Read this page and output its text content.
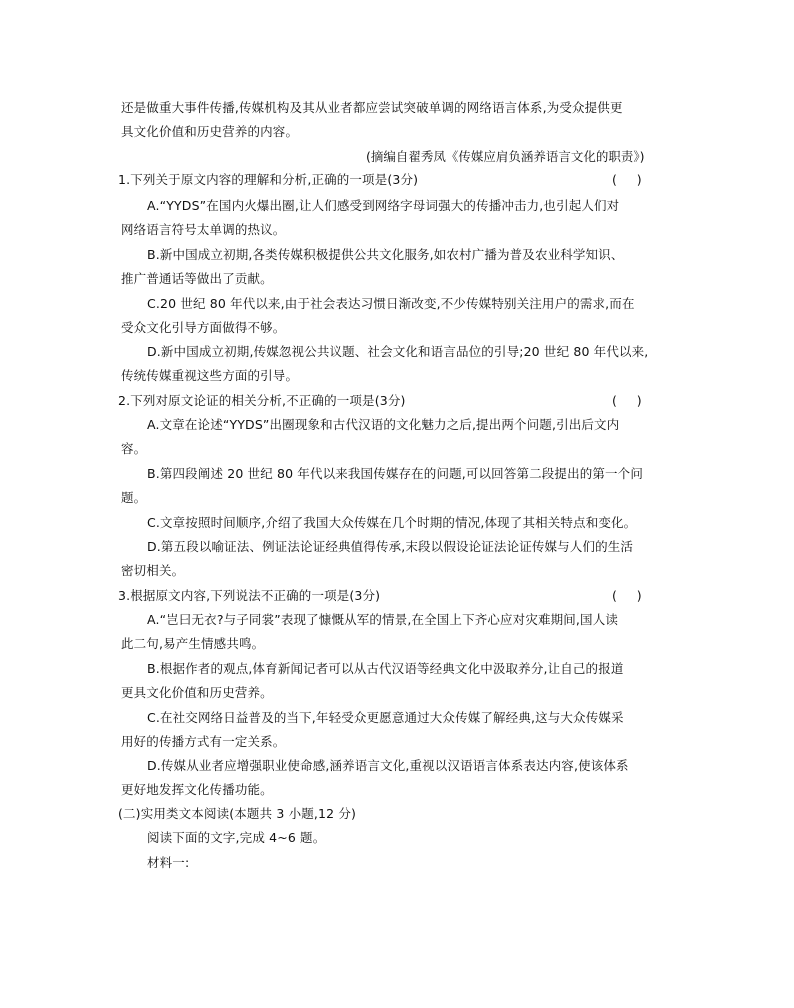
还是做重大事件传播,传媒机构及其从业者都应尝试突破单调的网络语言体系,为受众提供更
具文化价值和历史营养的内容。
(摘编自翟秀凤《传媒应肩负涵养语言文化的职责》)
1.下列关于原文内容的理解和分析,正确的一项是(3分)	(     )
A.“YYDS”在国内火爆出圈,让人们感受到网络字母词强大的传播冲击力,也引起人们对
网络语言符号太单调的热议。
B.新中国成立初期,各类传媒积极提供公共文化服务,如农村广播为普及农业科学知识、
推广普通话等做出了贡献。
C.20 世纪 80 年代以来,由于社会表达习惯日渐改变,不少传媒特别关注用户的需求,而在
受众文化引导方面做得不够。
D.新中国成立初期,传媒忽视公共议题、社会文化和语言品位的引导;20 世纪 80 年代以来,
传统传媒重视这些方面的引导。
2.下列对原文论证的相关分析,不正确的一项是(3分)	(     )
A.文章在论述“YYDS”出圈现象和古代汉语的文化魅力之后,提出两个问题,引出后文内
容。
B.第四段阐述 20 世纪 80 年代以来我国传媒存在的问题,可以回答第二段提出的第一个问
题。
C.文章按照时间顺序,介绍了我国大众传媒在几个时期的情况,体现了其相关特点和变化。
D.第五段以喻证法、例证法论证经典值得传承,末段以假设论证法论证传媒与人们的生活
密切相关。
3.根据原文内容,下列说法不正确的一项是(3分)	(     )
A.“岂曰无衣?与子同裳”表现了慷慨从军的情景,在全国上下齐心应对灾难期间,国人读
此二句,易产生情感共鸣。
B.根据作者的观点,体育新闻记者可以从古代汉语等经典文化中汲取养分,让自己的报道
更具文化价值和历史营养。
C.在社交网络日益普及的当下,年轻受众更愿意通过大众传媒了解经典,这与大众传媒采
用好的传播方式有一定关系。
D.传媒从业者应增强职业使命感,涵养语言文化,重视以汉语语言体系表达内容,使该体系
更好地发挥文化传播功能。
(二)实用类文本阅读(本题共 3 小题,12 分)
阅读下面的文字,完成 4~6 题。
材料一:
